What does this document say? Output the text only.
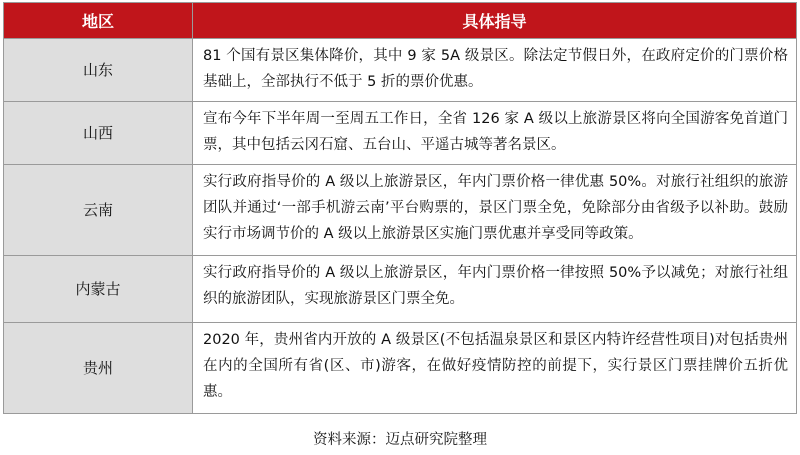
地区	具体指导
山东	81 个国有景区集体降价，其中 9 家 5A 级景区。除法定节假日外，在政府定价的门票价格基础上，全部执行不低于 5 折的票价优惠。
山西	宣布今年下半年周一至周五工作日，全省 126 家 A 级以上旅游景区将向全国游客免首道门票，其中包括云冈石窟、五台山、平遥古城等著名景区。
云南	实行政府指导价的 A 级以上旅游景区，年内门票价格一律优惠 50%。对旅行社组织的旅游团队并通过‘一部手机游云南’平台购票的，景区门票全免，免除部分由省级予以补助。鼓励实行市场调节价的 A 级以上旅游景区实施门票优惠并享受同等政策。
内蒙古	实行政府指导价的 A 级以上旅游景区，年内门票价格一律按照 50%予以减免；对旅行社组织的旅游团队，实现旅游景区门票全免。
贵州	2020 年，贵州省内开放的 A 级景区(不包括温泉景区和景区内特许经营性项目)对包括贵州在内的全国所有省(区、市)游客，在做好疫情防控的前提下，实行景区门票挂牌价五折优惠。
资料来源：迈点研究院整理
